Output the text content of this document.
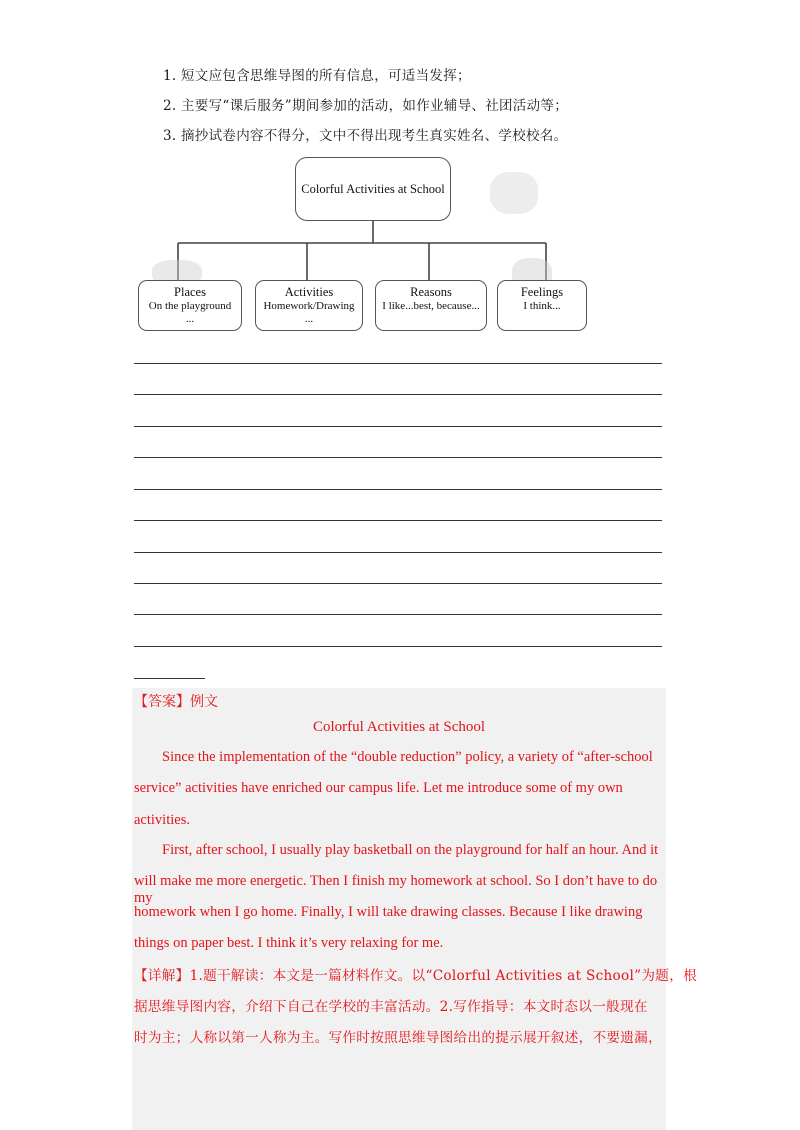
1. 短文应包含思维导图的所有信息，可适当发挥；
2. 主要写“课后服务”期间参加的活动，如作业辅导、社团活动等；
3. 摘抄试卷内容不得分，文中不得出现考生真实姓名、学校校名。
Colorful Activities at School
Places
On the playground
...
Activities
Homework/Drawing
...
Reasons
I like...best, because...
Feelings
I think...
【答案】例文
Colorful Activities at School
Since the implementation of the “double reduction” policy, a variety of “after-school
service” activities have enriched our campus life. Let me introduce some of my own
activities.
First, after school, I usually play basketball on the playground for half an hour. And it
will make me more energetic. Then I finish my homework at school. So I don’t have to do my
homework when I go home. Finally, I will take drawing classes. Because I like drawing
things on paper best. I think it’s very relaxing for me.
【详解】1.题干解读：本文是一篇材料作文。以“Colorful Activities at School”为题，根
据思维导图内容，介绍下自己在学校的丰富活动。2.写作指导：本文时态以一般现在
时为主；人称以第一人称为主。写作时按照思维导图给出的提示展开叙述，不要遗漏，
